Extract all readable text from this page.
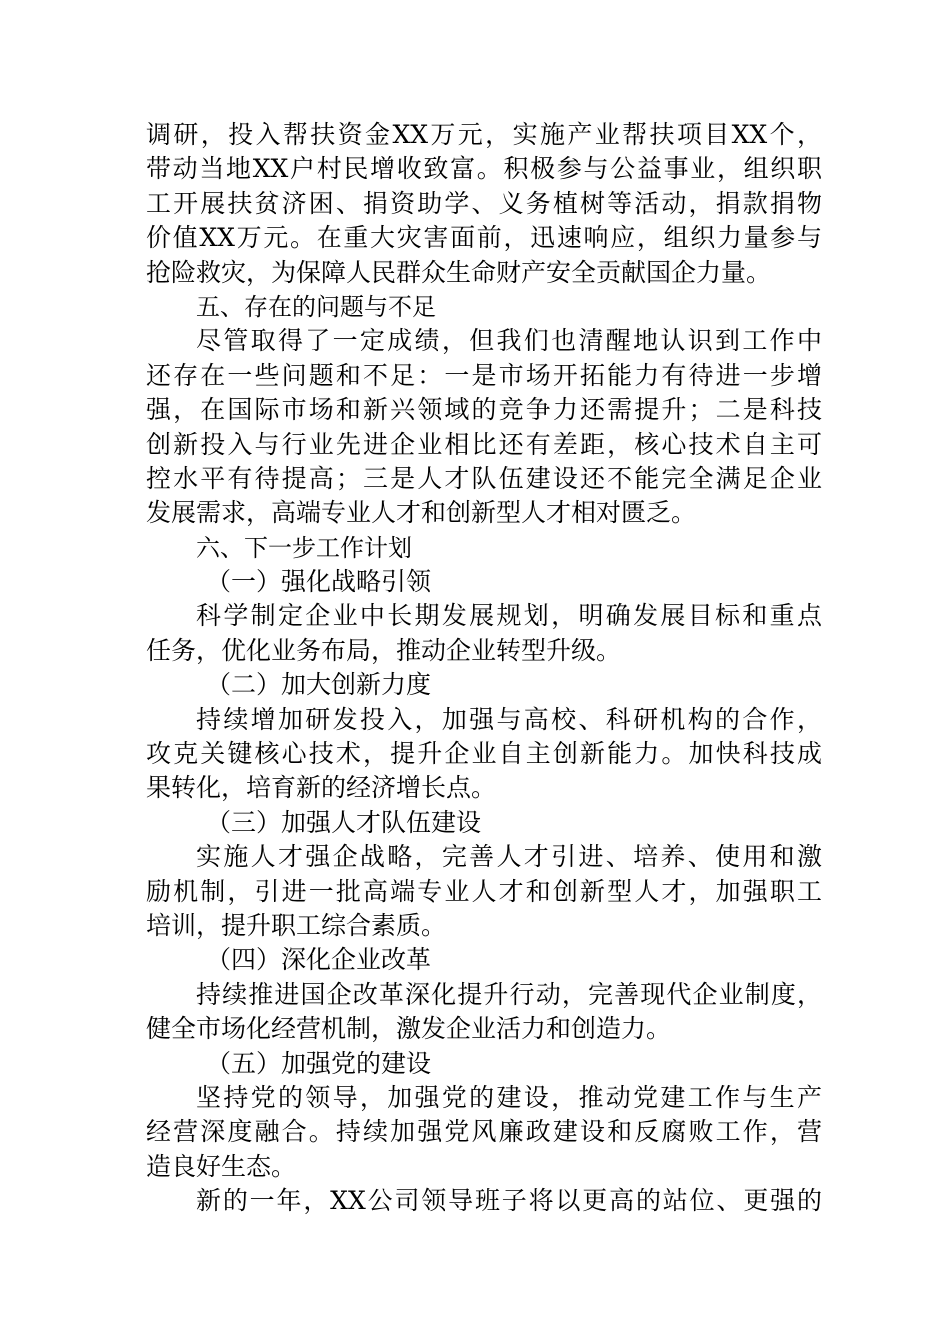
调研，投入帮扶资金XX万元，实施产业帮扶项目XX个，
带动当地XX户村民增收致富。积极参与公益事业，组织职
工开展扶贫济困、捐资助学、义务植树等活动，捐款捐物
价值XX万元。在重大灾害面前，迅速响应，组织力量参与
抢险救灾，为保障人民群众生命财产安全贡献国企力量。
五、存在的问题与不足
尽管取得了一定成绩，但我们也清醒地认识到工作中
还存在一些问题和不足：一是市场开拓能力有待进一步增
强，在国际市场和新兴领域的竞争力还需提升；二是科技
创新投入与行业先进企业相比还有差距，核心技术自主可
控水平有待提高；三是人才队伍建设还不能完全满足企业
发展需求，高端专业人才和创新型人才相对匮乏。
六、下一步工作计划
（一）强化战略引领
科学制定企业中长期发展规划，明确发展目标和重点
任务，优化业务布局，推动企业转型升级。
（二）加大创新力度
持续增加研发投入，加强与高校、科研机构的合作，
攻克关键核心技术，提升企业自主创新能力。加快科技成
果转化，培育新的经济增长点。
（三）加强人才队伍建设
实施人才强企战略，完善人才引进、培养、使用和激
励机制，引进一批高端专业人才和创新型人才，加强职工
培训，提升职工综合素质。
（四）深化企业改革
持续推进国企改革深化提升行动，完善现代企业制度，
健全市场化经营机制，激发企业活力和创造力。
（五）加强党的建设
坚持党的领导，加强党的建设，推动党建工作与生产
经营深度融合。持续加强党风廉政建设和反腐败工作，营
造良好生态。
新的一年，XX公司领导班子将以更高的站位、更强的
